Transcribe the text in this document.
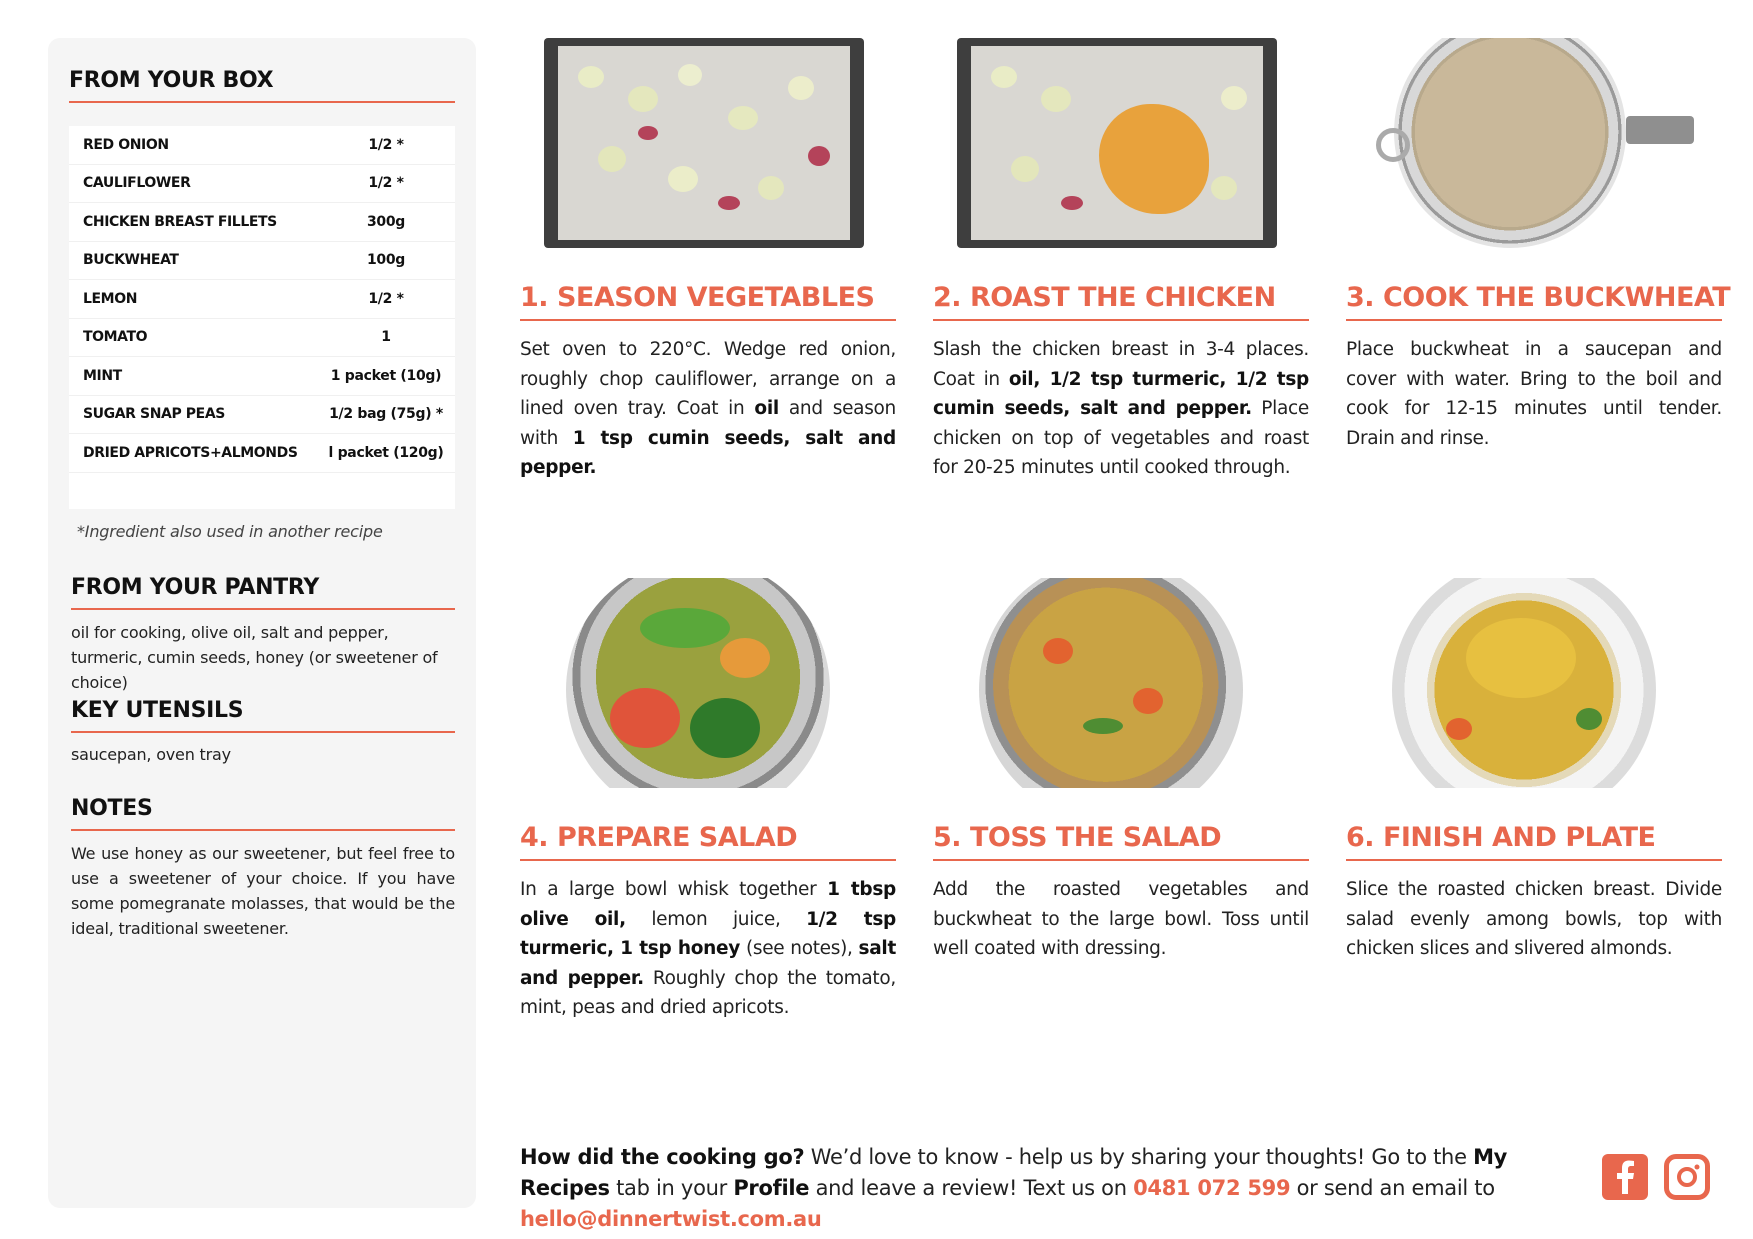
FROM YOUR BOX
RED ONION	1/2 *
CAULIFLOWER	1/2 *
CHICKEN BREAST FILLETS	300g
BUCKWHEAT	100g
LEMON	1/2 *
TOMATO	1
MINT	1 packet (10g)
SUGAR SNAP PEAS	1/2 bag (75g) *
DRIED APRICOTS+ALMONDS	l packet (120g)
*Ingredient also used in another recipe
FROM YOUR PANTRY
oil for cooking, olive oil, salt and pepper, turmeric, cumin seeds, honey (or sweetener of choice)
KEY UTENSILS
saucepan, oven tray
NOTES
We use honey as our sweetener, but feel free to use a sweetener of your choice. If you have some pomegranate molasses, that would be the ideal, traditional sweetener.
1. SEASON VEGETABLES
Set oven to 220°C. Wedge red onion, roughly chop cauliflower, arrange on a lined oven tray. Coat in oil and season with 1 tsp cumin seeds, salt and pepper.
2. ROAST THE CHICKEN
Slash the chicken breast in 3-4 places. Coat in oil, 1/2 tsp turmeric, 1/2 tsp cumin seeds, salt and pepper. Place chicken on top of vegetables and roast for 20-25 minutes until cooked through.
3. COOK THE BUCKWHEAT
Place buckwheat in a saucepan and cover with water. Bring to the boil and cook for 12-15 minutes until tender. Drain and rinse.
4. PREPARE SALAD
In a large bowl whisk together 1 tbsp olive oil, lemon juice, 1/2 tsp turmeric, 1 tsp honey (see notes), salt and pepper. Roughly chop the tomato, mint, peas and dried apricots.
5. TOSS THE SALAD
Add the roasted vegetables and buckwheat to the large bowl. Toss until well coated with dressing.
6. FINISH AND PLATE
Slice the roasted chicken breast. Divide salad evenly among bowls, top with chicken slices and slivered almonds.
How did the cooking go? We’d love to know - help us by sharing your thoughts! Go to the My Recipes tab in your Profile and leave a review! Text us on 0481 072 599 or send an email to hello@dinnertwist.com.au
